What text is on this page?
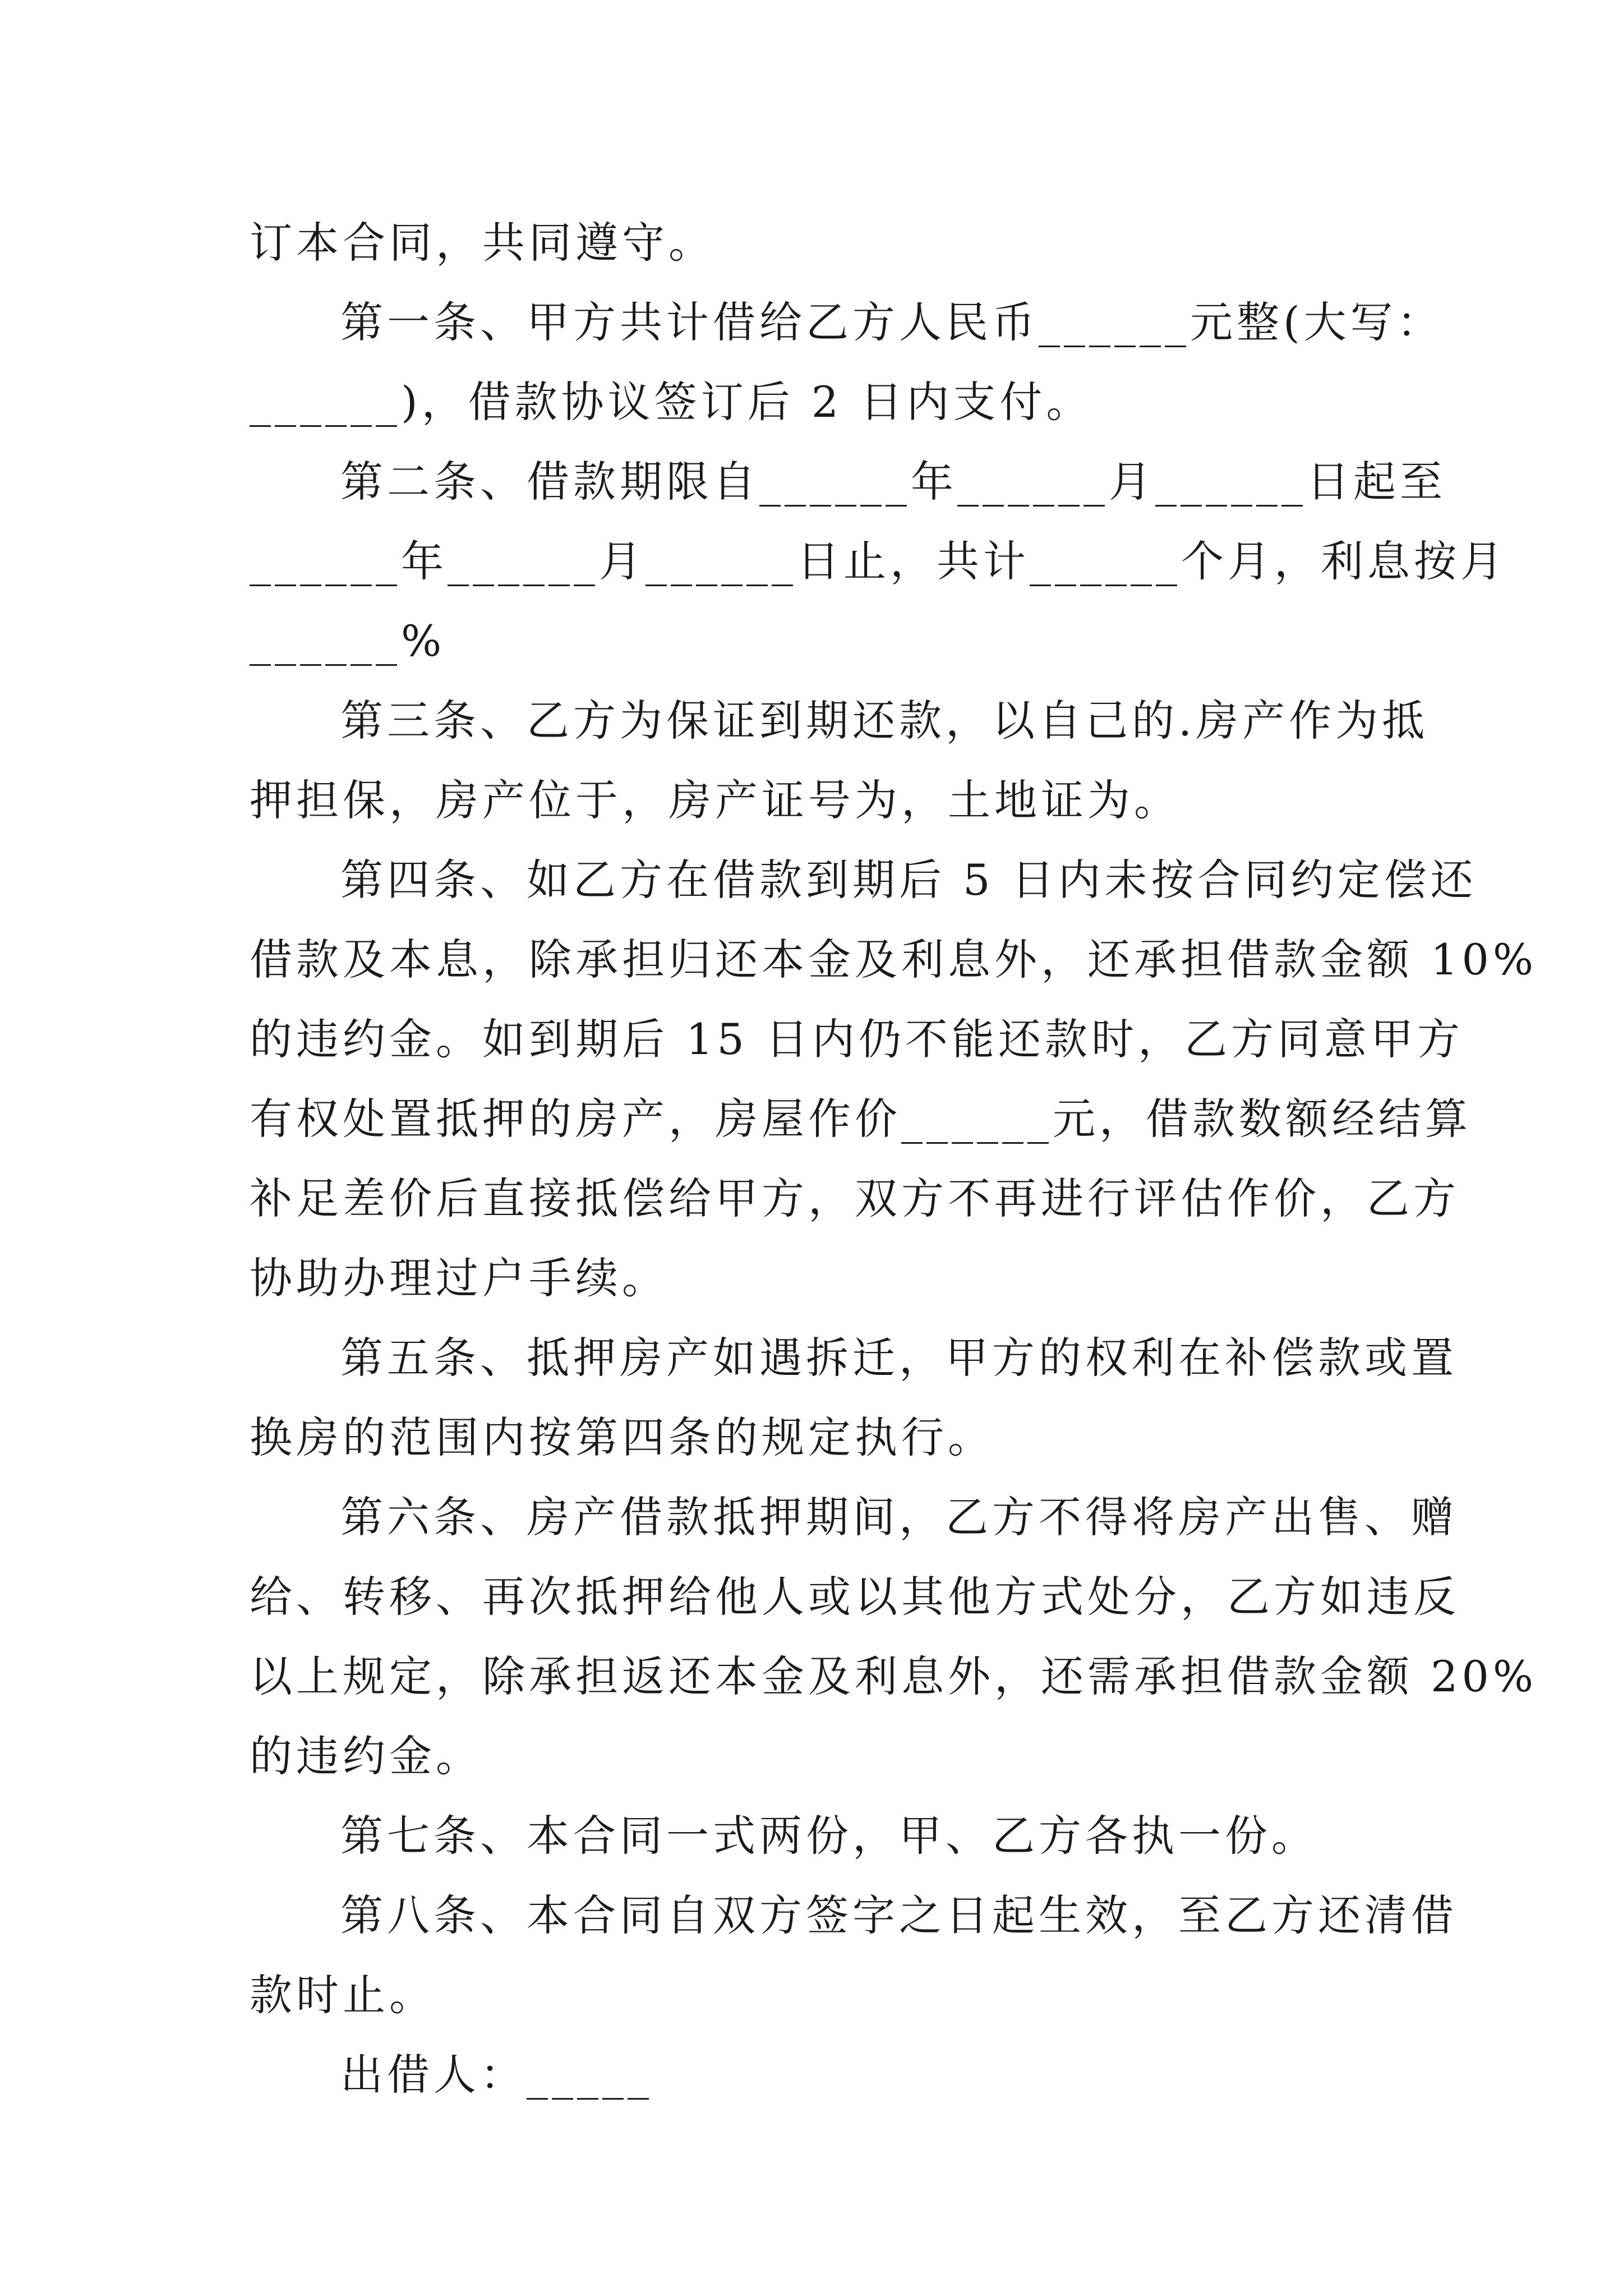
订本合同，共同遵守。
第一条、甲方共计借给乙方人民币______元整(大写：
______)，借款协议签订后 2 日内支付。
第二条、借款期限自______年______月______日起至
______年______月______日止，共计______个月，利息按月
______%
第三条、乙方为保证到期还款，以自己的.房产作为抵
押担保，房产位于，房产证号为，土地证为。
第四条、如乙方在借款到期后 5 日内未按合同约定偿还
借款及本息，除承担归还本金及利息外，还承担借款金额 10%
的违约金。如到期后 15 日内仍不能还款时，乙方同意甲方
有权处置抵押的房产，房屋作价______元，借款数额经结算
补足差价后直接抵偿给甲方，双方不再进行评估作价，乙方
协助办理过户手续。
第五条、抵押房产如遇拆迁，甲方的权利在补偿款或置
换房的范围内按第四条的规定执行。
第六条、房产借款抵押期间，乙方不得将房产出售、赠
给、转移、再次抵押给他人或以其他方式处分，乙方如违反
以上规定，除承担返还本金及利息外，还需承担借款金额 20%
的违约金。
第七条、本合同一式两份，甲、乙方各执一份。
第八条、本合同自双方签字之日起生效，至乙方还清借
款时止。
出借人：_____
